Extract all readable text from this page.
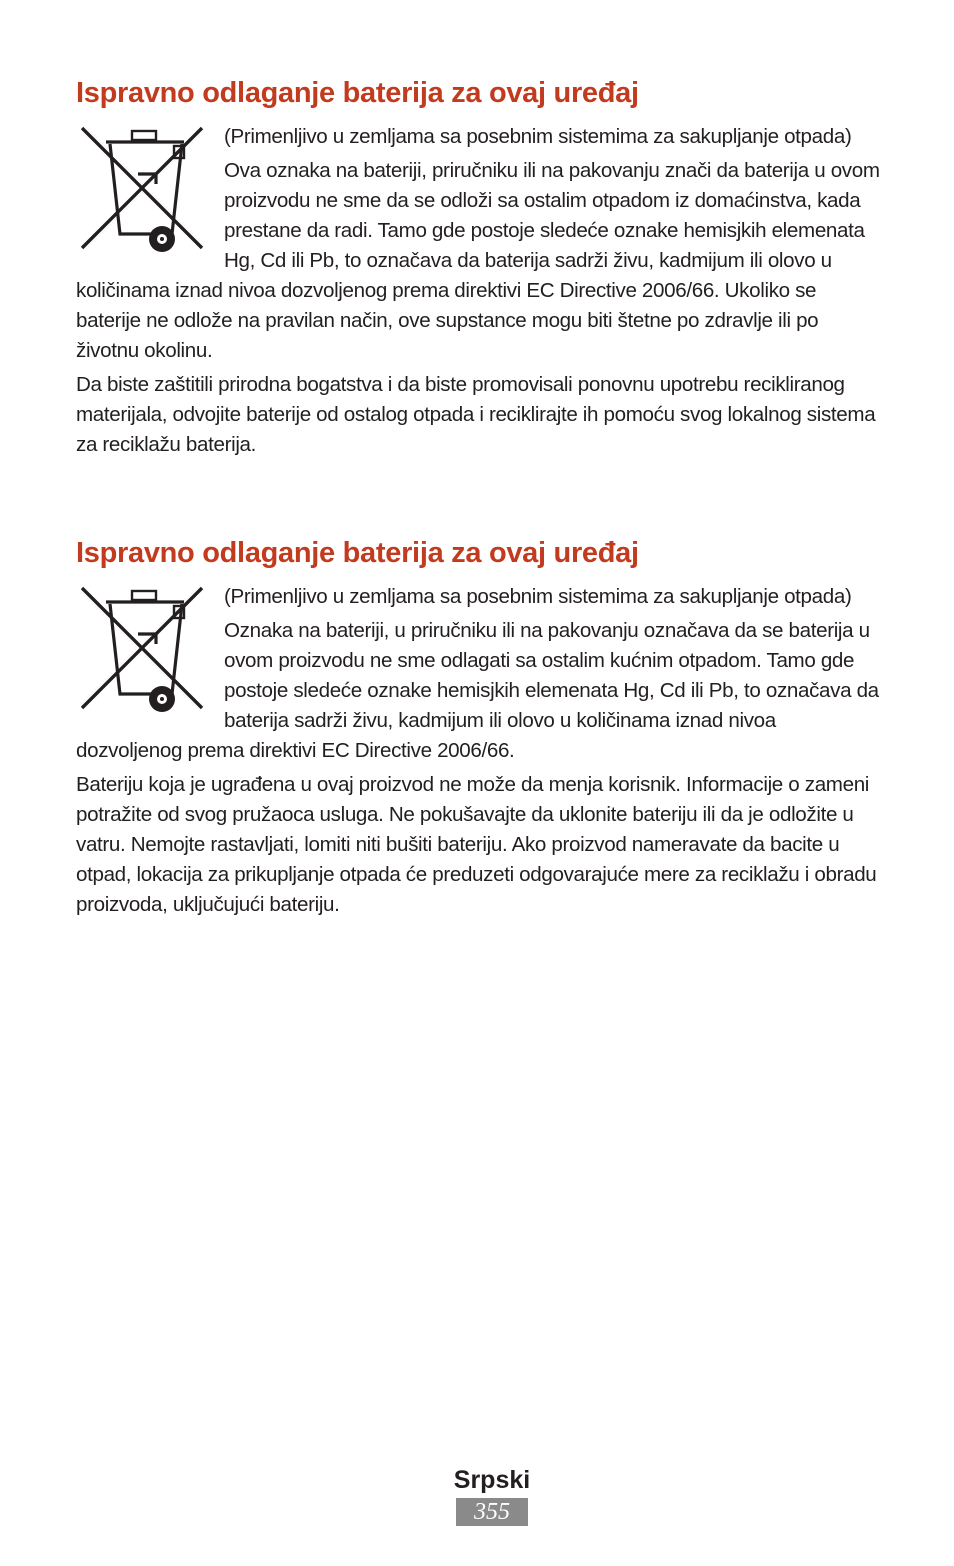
Ispravno odlaganje baterija za ovaj uređaj

(Primenljivo u zemljama sa posebnim sistemima za sakupljanje otpada)

Ova oznaka na bateriji, priručniku ili na pakovanju znači da baterija u ovom proizvodu ne sme da se odloži sa ostalim otpadom iz domaćinstva, kada prestane da radi. Tamo gde postoje sledeće oznake hemisjkih elemenata Hg, Cd ili Pb, to označava da baterija sadrži živu, kadmijum ili olovo u količinama iznad nivoa dozvoljenog prema direktivi EC Directive 2006/66. Ukoliko se baterije ne odlože na pravilan način, ove supstance mogu biti štetne po zdravlje ili po životnu okolinu.

Da biste zaštitili prirodna bogatstva i da biste promovisali ponovnu upotrebu recikliranog materijala, odvojite baterije od ostalog otpada i reciklirajte ih pomoću svog lokalnog sistema za reciklažu baterija.

Ispravno odlaganje baterija za ovaj uređaj

(Primenljivo u zemljama sa posebnim sistemima za sakupljanje otpada)

Oznaka na bateriji, u priručniku ili na pakovanju označava da se baterija u ovom proizvodu ne sme odlagati sa ostalim kućnim otpadom. Tamo gde postoje sledeće oznake hemisjkih elemenata Hg, Cd ili Pb, to označava da baterija sadrži živu, kadmijum ili olovo u količinama iznad nivoa dozvoljenog prema direktivi EC Directive 2006/66.

Bateriju koja je ugrađena u ovaj proizvod ne može da menja korisnik. Informacije o zameni potražite od svog pružaoca usluga. Ne pokušavajte da uklonite bateriju ili da je odložite u vatru. Nemojte rastavljati, lomiti niti bušiti bateriju. Ako proizvod nameravate da bacite u otpad, lokacija za prikupljanje otpada će preduzeti odgovarajuće mere za reciklažu i obradu proizvoda, uključujući bateriju.

Srpski
355
